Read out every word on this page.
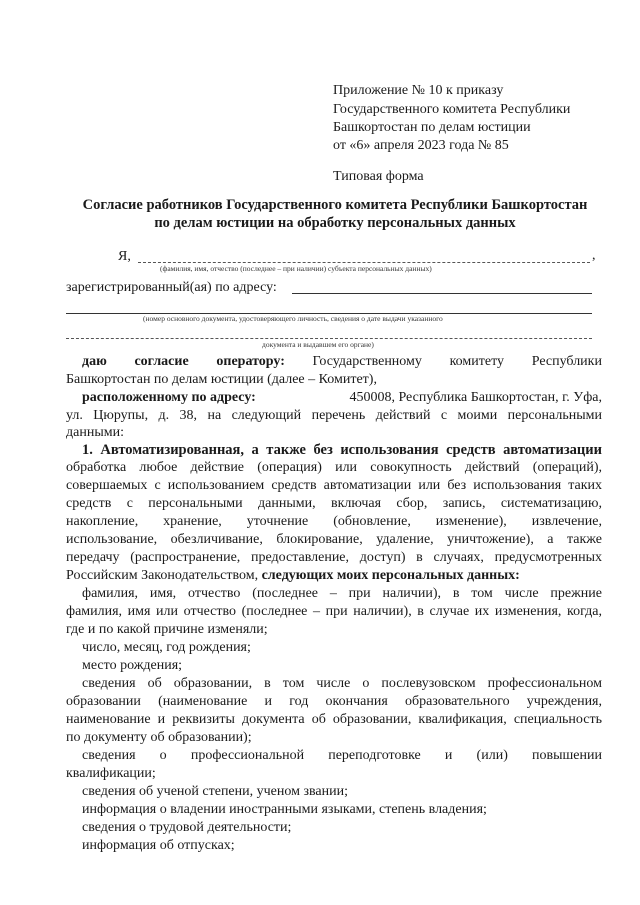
Приложение № 10 к приказу
Государственного комитета Республики
Башкортостан по делам юстиции
от «6» апреля 2023 года № 85
Типовая форма
Согласие работников Государственного комитета Республики Башкортостан
по делам юстиции на обработку персональных данных
Я,	,
(фамилия, имя, отчество (последнее – при наличии) субъекта персональных данных)
зарегистрированный(ая) по адресу:
(номер основного документа, удостоверяющего личность, сведения о дате выдачи указанного
документа и выдавшем его органе)
даю согласие оператору: Государственному комитету Республики
Башкортостан по делам юстиции (далее – Комитет),
расположенному по адресу:	450008, Республика Башкортостан, г. Уфа,
ул. Цюрупы, д. 38, на следующий перечень действий с моими персональными
данными:
1. Автоматизированная, а также без использования средств автоматизации
обработка любое действие (операция) или совокупность действий (операций),
совершаемых с использованием средств автоматизации или без использования таких
средств с персональными данными, включая сбор, запись, систематизацию,
накопление, хранение, уточнение (обновление, изменение), извлечение,
использование, обезличивание, блокирование, удаление, уничтожение), а также
передачу (распространение, предоставление, доступ) в случаях, предусмотренных
Российским Законодательством, следующих моих персональных данных:
фамилия, имя, отчество (последнее – при наличии), в том числе прежние
фамилия, имя или отчество (последнее – при наличии), в случае их изменения, когда,
где и по какой причине изменяли;
число, месяц, год рождения;
место рождения;
сведения об образовании, в том числе о послевузовском профессиональном
образовании (наименование и год окончания образовательного учреждения,
наименование и реквизиты документа об образовании, квалификация, специальность
по документу об образовании);
сведения о профессиональной переподготовке и (или) повышении
квалификации;
сведения об ученой степени, ученом звании;
информация о владении иностранными языками, степень владения;
сведения о трудовой деятельности;
информация об отпусках;
